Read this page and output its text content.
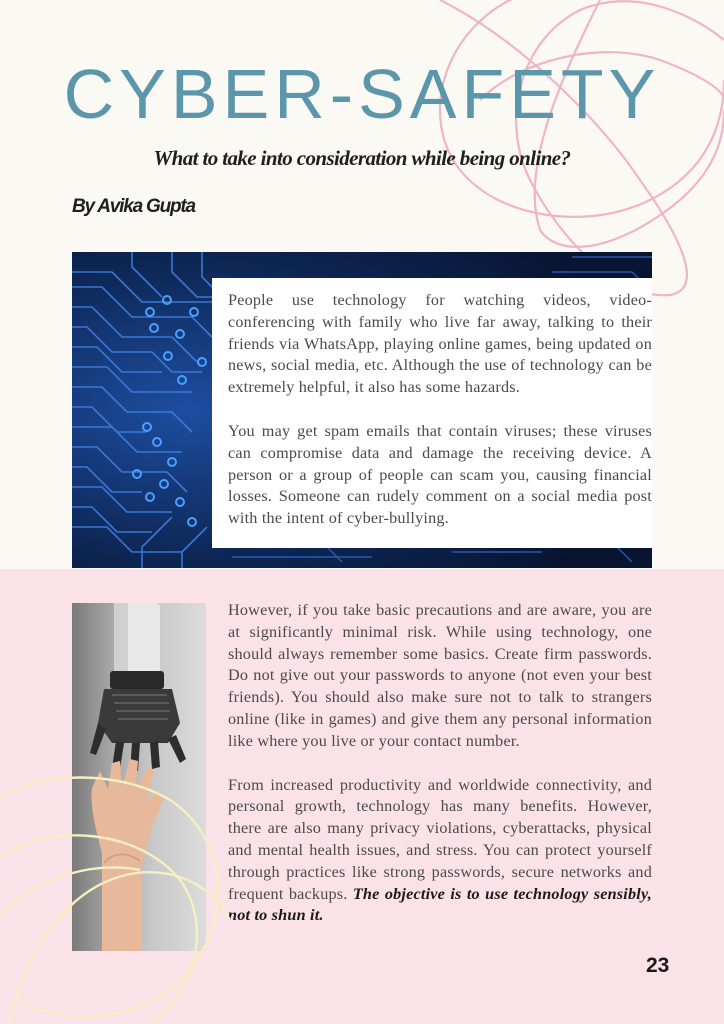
CYBER-SAFETY
What to take into consideration while being online?
By Avika Gupta

People use technology for watching videos, video-conferencing with family who live far away, talking to their friends via WhatsApp, playing online games, being updated on news, social media, etc. Although the use of technology can be extremely helpful, it also has some hazards.

You may get spam emails that contain viruses; these viruses can compromise data and damage the receiving device. A person or a group of people can scam you, causing financial losses. Someone can rudely comment on a social media post with the intent of cyber-bullying.

However, if you take basic precautions and are aware, you are at significantly minimal risk. While using technology, one should always remember some basics. Create firm passwords. Do not give out your passwords to anyone (not even your best friends). You should also make sure not to talk to strangers online (like in games) and give them any personal information like where you live or your contact number.

From increased productivity and worldwide connectivity, and personal growth, technology has many benefits. However, there are also many privacy violations, cyberattacks, physical and mental health issues, and stress. You can protect yourself through practices like strong passwords, secure networks and frequent backups. The objective is to use technology sensibly, not to shun it.

23
